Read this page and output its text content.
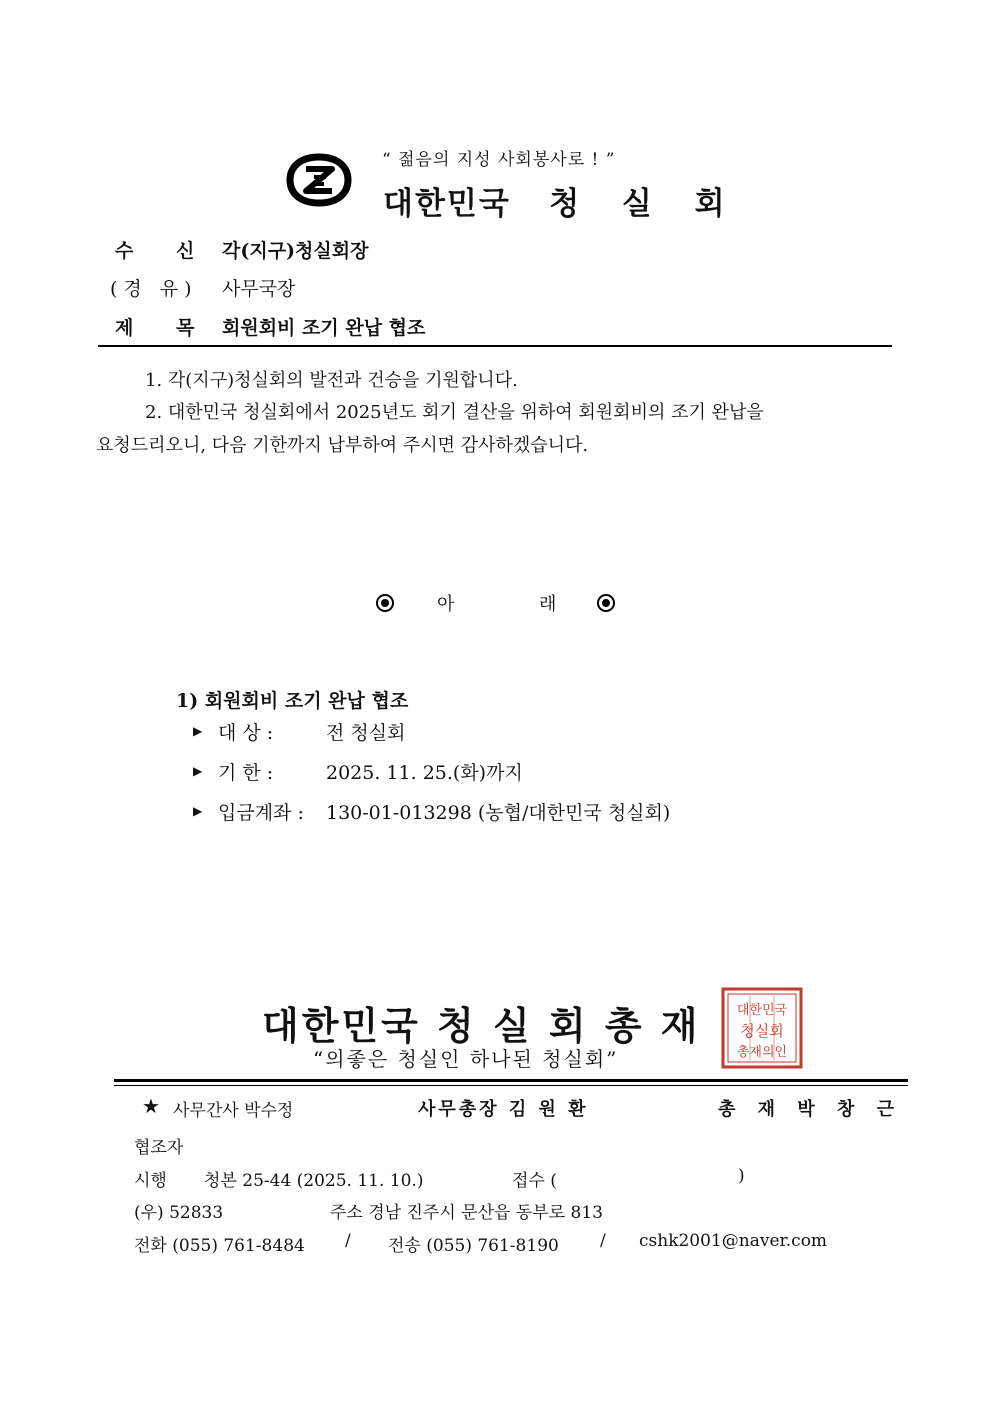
“ 젊음의 지성 사회봉사로 ! ”
대한민국 청 실 회
수 신 각(지구)청실회장
(경 유) 사무국장
제 목 회원회비 조기 완납 협조
1. 각(지구)청실회의 발전과 건승을 기원합니다.
2. 대한민국 청실회에서 2025년도 회기 결산을 위하여 회원회비의 조기 완납을
요청드리오니, 다음 기한까지 납부하여 주시면 감사하겠습니다.
아	래
1) 회원회비 조기 완납 협조
▶ 대 상 :	전 청실회
▶ 기 한 :	2025. 11. 25.(화)까지
▶ 입금계좌 : 130-01-013298 (농협/대한민국 청실회)
대한민국 청 실 회 총 재
“의좋은 청실인 하나된 청실회”
대한민국
청실회
총재의인
★ 사무간사 박수정	사무총장 김 원 환	총 재 박 창 근
협조자
시행 청본 25-44 (2025. 11. 10.)	접수 (	)
(우) 52833	주소 경남 진주시 문산읍 동부로 813
전화 (055) 761-8484 / 전송 (055) 761-8190 / cshk2001@naver.com
